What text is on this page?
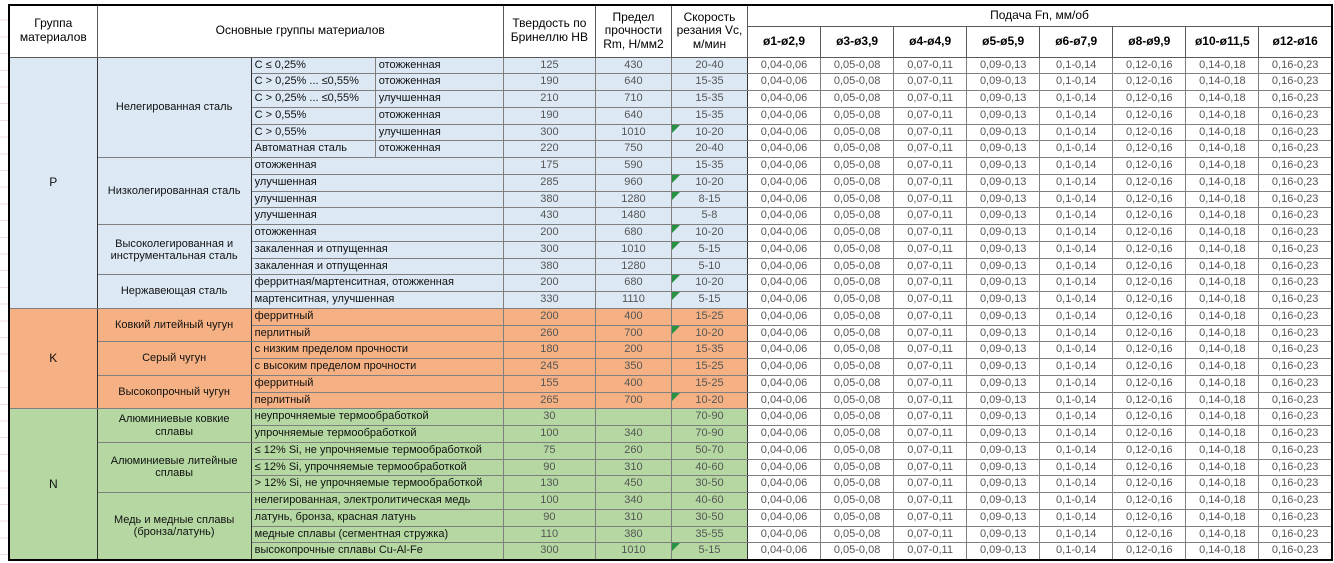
Группа материалов	Основные группы материалов			Твердость по Бринеллю HB	Предел прочности Rm, Н/мм2	Скорость резания Vc, м/мин	Подача Fn, мм/об							
							ø1-ø2,9	ø3-ø3,9	ø4-ø4,9	ø5-ø5,9	ø6-ø7,9	ø8-ø9,9	ø10-ø11,5	ø12-ø16
P	Нелегированная сталь	C ≤ 0,25%	отожженная	125	430	20-40	0,04-0,06	0,05-0,08	0,07-0,11	0,09-0,13	0,1-0,14	0,12-0,16	0,14-0,18	0,16-0,23
		C > 0,25% ... ≤0,55%	отожженная	190	640	15-35	0,04-0,06	0,05-0,08	0,07-0,11	0,09-0,13	0,1-0,14	0,12-0,16	0,14-0,18	0,16-0,23
		C > 0,25% ... ≤0,55%	улучшенная	210	710	15-35	0,04-0,06	0,05-0,08	0,07-0,11	0,09-0,13	0,1-0,14	0,12-0,16	0,14-0,18	0,16-0,23
		C > 0,55%	отожженная	190	640	15-35	0,04-0,06	0,05-0,08	0,07-0,11	0,09-0,13	0,1-0,14	0,12-0,16	0,14-0,18	0,16-0,23
		C > 0,55%	улучшенная	300	1010	10-20	0,04-0,06	0,05-0,08	0,07-0,11	0,09-0,13	0,1-0,14	0,12-0,16	0,14-0,18	0,16-0,23
		Автоматная сталь	отожженная	220	750	20-40	0,04-0,06	0,05-0,08	0,07-0,11	0,09-0,13	0,1-0,14	0,12-0,16	0,14-0,18	0,16-0,23
	Низколегированная сталь	отожженная		175	590	15-35	0,04-0,06	0,05-0,08	0,07-0,11	0,09-0,13	0,1-0,14	0,12-0,16	0,14-0,18	0,16-0,23
		улучшенная		285	960	10-20	0,04-0,06	0,05-0,08	0,07-0,11	0,09-0,13	0,1-0,14	0,12-0,16	0,14-0,18	0,16-0,23
		улучшенная		380	1280	8-15	0,04-0,06	0,05-0,08	0,07-0,11	0,09-0,13	0,1-0,14	0,12-0,16	0,14-0,18	0,16-0,23
		улучшенная		430	1480	5-8	0,04-0,06	0,05-0,08	0,07-0,11	0,09-0,13	0,1-0,14	0,12-0,16	0,14-0,18	0,16-0,23
	Высоколегированная и инструментальная сталь	отожженная		200	680	10-20	0,04-0,06	0,05-0,08	0,07-0,11	0,09-0,13	0,1-0,14	0,12-0,16	0,14-0,18	0,16-0,23
		закаленная и отпущенная		300	1010	5-15	0,04-0,06	0,05-0,08	0,07-0,11	0,09-0,13	0,1-0,14	0,12-0,16	0,14-0,18	0,16-0,23
		закаленная и отпущенная		380	1280	5-10	0,04-0,06	0,05-0,08	0,07-0,11	0,09-0,13	0,1-0,14	0,12-0,16	0,14-0,18	0,16-0,23
	Нержавеющая сталь	ферритная/мартенситная, отожженная		200	680	10-20	0,04-0,06	0,05-0,08	0,07-0,11	0,09-0,13	0,1-0,14	0,12-0,16	0,14-0,18	0,16-0,23
		мартенситная, улучшенная		330	1110	5-15	0,04-0,06	0,05-0,08	0,07-0,11	0,09-0,13	0,1-0,14	0,12-0,16	0,14-0,18	0,16-0,23
K	Ковкий литейный чугун	ферритный		200	400	15-25	0,04-0,06	0,05-0,08	0,07-0,11	0,09-0,13	0,1-0,14	0,12-0,16	0,14-0,18	0,16-0,23
		перлитный		260	700	10-20	0,04-0,06	0,05-0,08	0,07-0,11	0,09-0,13	0,1-0,14	0,12-0,16	0,14-0,18	0,16-0,23
	Серый чугун	с низким пределом прочности		180	200	15-35	0,04-0,06	0,05-0,08	0,07-0,11	0,09-0,13	0,1-0,14	0,12-0,16	0,14-0,18	0,16-0,23
		с высоким пределом прочности		245	350	15-25	0,04-0,06	0,05-0,08	0,07-0,11	0,09-0,13	0,1-0,14	0,12-0,16	0,14-0,18	0,16-0,23
	Высокопрочный чугун	ферритный		155	400	15-25	0,04-0,06	0,05-0,08	0,07-0,11	0,09-0,13	0,1-0,14	0,12-0,16	0,14-0,18	0,16-0,23
		перлитный		265	700	10-20	0,04-0,06	0,05-0,08	0,07-0,11	0,09-0,13	0,1-0,14	0,12-0,16	0,14-0,18	0,16-0,23
N	Алюминиевые ковкие сплавы	неупрочняемые термообработкой		30		70-90	0,04-0,06	0,05-0,08	0,07-0,11	0,09-0,13	0,1-0,14	0,12-0,16	0,14-0,18	0,16-0,23
		упрочняемые термообработкой		100	340	70-90	0,04-0,06	0,05-0,08	0,07-0,11	0,09-0,13	0,1-0,14	0,12-0,16	0,14-0,18	0,16-0,23
	Алюминиевые литейные сплавы	≤ 12% Si, не упрочняемые термообработкой		75	260	50-70	0,04-0,06	0,05-0,08	0,07-0,11	0,09-0,13	0,1-0,14	0,12-0,16	0,14-0,18	0,16-0,23
		≤ 12% Si, упрочняемые термообработкой		90	310	40-60	0,04-0,06	0,05-0,08	0,07-0,11	0,09-0,13	0,1-0,14	0,12-0,16	0,14-0,18	0,16-0,23
		> 12% Si, не упрочняемые термообработкой		130	450	30-50	0,04-0,06	0,05-0,08	0,07-0,11	0,09-0,13	0,1-0,14	0,12-0,16	0,14-0,18	0,16-0,23
	Медь и медные сплавы (бронза/латунь)	нелегированная, электролитическая медь		100	340	40-60	0,04-0,06	0,05-0,08	0,07-0,11	0,09-0,13	0,1-0,14	0,12-0,16	0,14-0,18	0,16-0,23
		латунь, бронза, красная латунь		90	310	30-50	0,04-0,06	0,05-0,08	0,07-0,11	0,09-0,13	0,1-0,14	0,12-0,16	0,14-0,18	0,16-0,23
		медные сплавы (сегментная стружка)		110	380	35-55	0,04-0,06	0,05-0,08	0,07-0,11	0,09-0,13	0,1-0,14	0,12-0,16	0,14-0,18	0,16-0,23
		высокопрочные сплавы Cu-Al-Fe		300	1010	5-15	0,04-0,06	0,05-0,08	0,07-0,11	0,09-0,13	0,1-0,14	0,12-0,16	0,14-0,18	0,16-0,23
